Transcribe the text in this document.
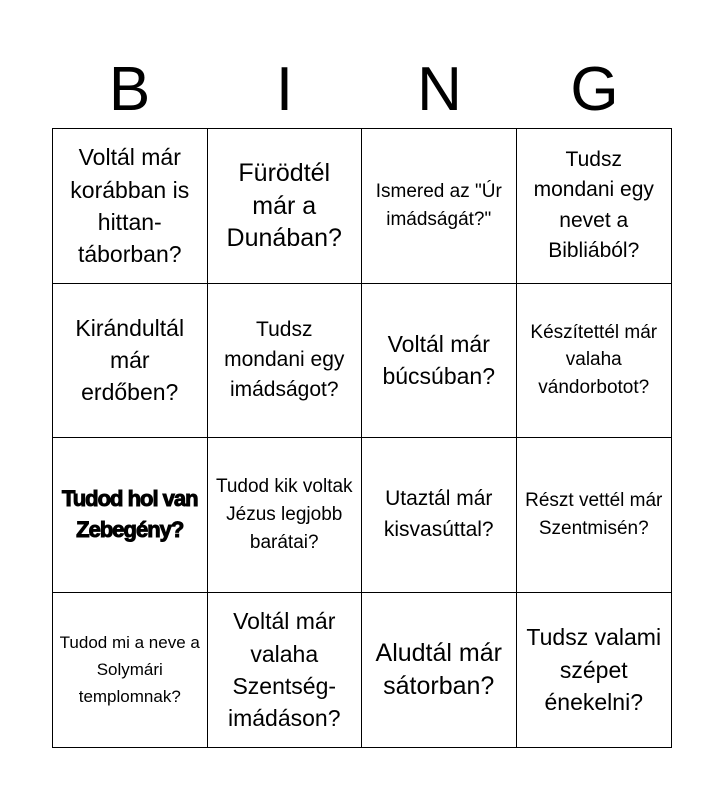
B	I	N	G
Voltál már korábban is hittan-táborban?
Fürödtél már a Dunában?
Ismered az "Úr imádságát?"
Tudsz mondani egy nevet a Bibliából?
Kirándultál már erdőben?
Tudsz mondani egy imádságot?
Voltál már búcsúban?
Készítettél már valaha vándorbotot?
Tudod hol van Zebegény?
Tudod kik voltak Jézus legjobb barátai?
Utaztál már kisvasúttal?
Részt vettél már Szentmisén?
Tudod mi a neve a Solymári templomnak?
Voltál már valaha Szentség-imádáson?
Aludtál már sátorban?
Tudsz valami szépet énekelni?
